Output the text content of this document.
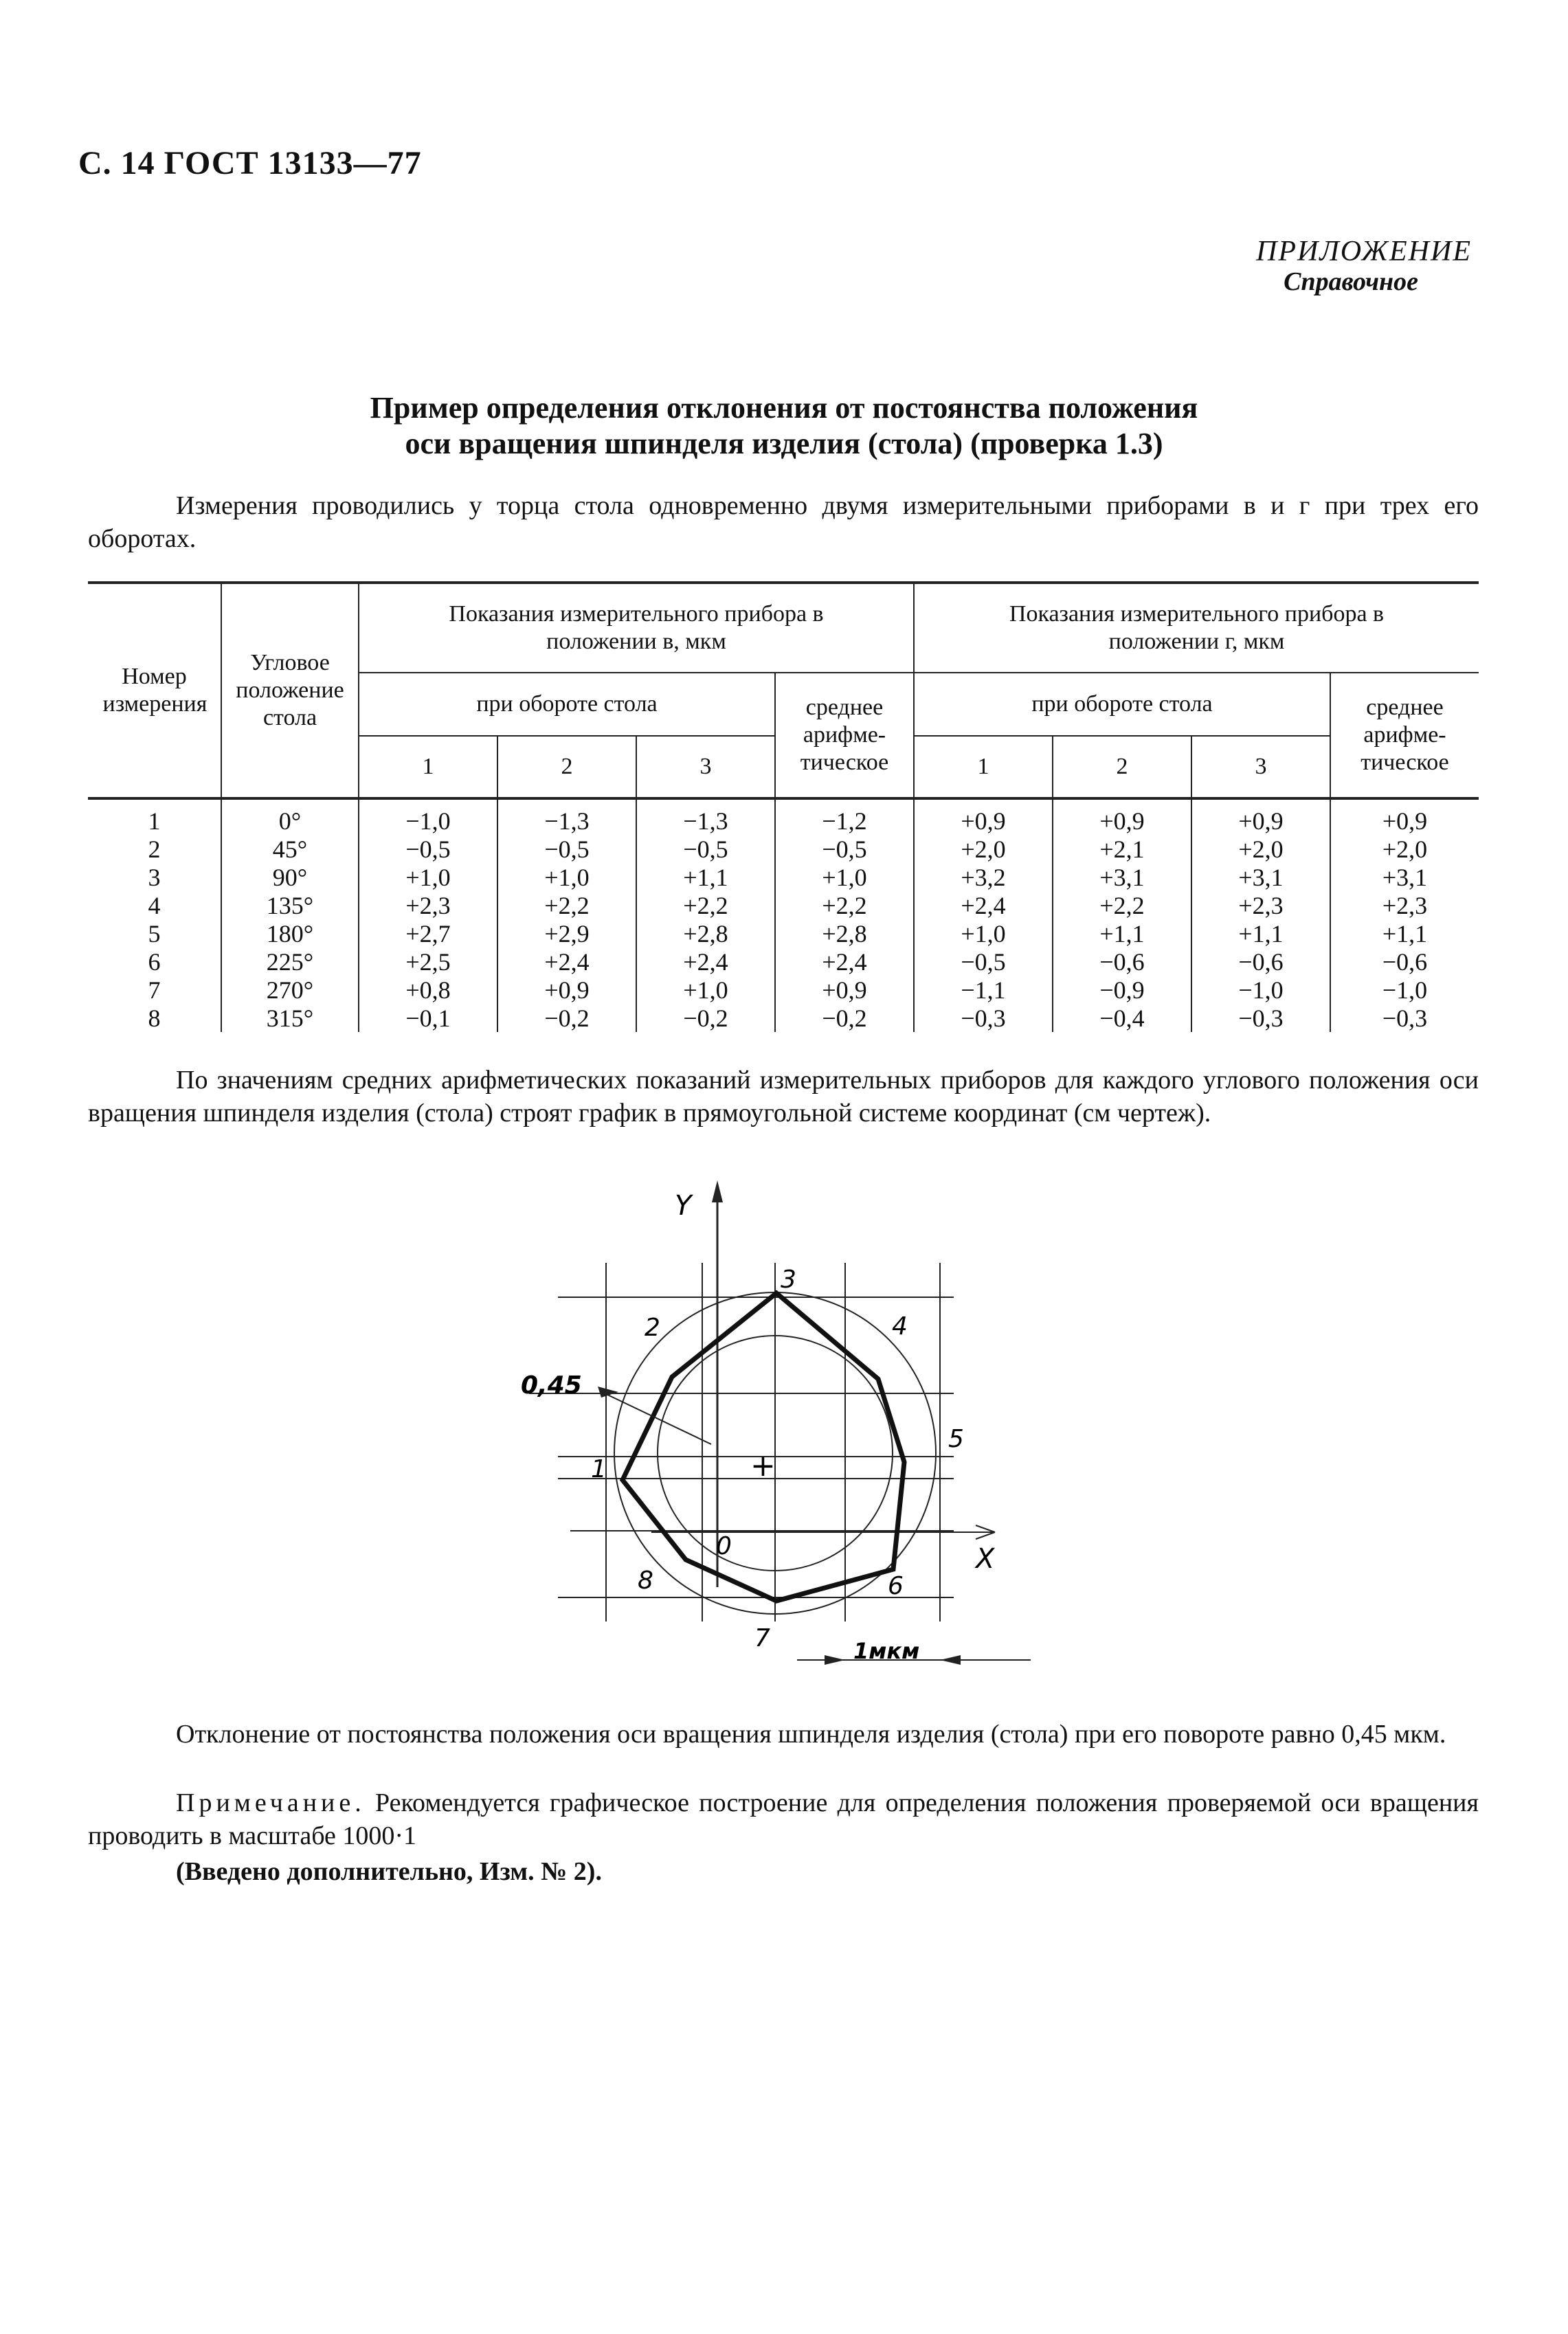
С. 14 ГОСТ 13133—77
ПРИЛОЖЕНИЕ
Справочное
Пример определения отклонения от постоянства положения
оси вращения шпинделя изделия (стола) (проверка 1.3)
Измерения проводились у торца стола одновременно двумя измерительными приборами в и г при трех его оборотах.
Номер измерения	Угловое положение стола	Показания измерительного прибора в положении в, мкм				Показания измерительного прибора в положении г, мкм			

		при обороте стола			среднее арифме-тическое	при обороте стола			среднее арифме-тическое

		1	2	3		1	2	3	
1	0°	−1,0	−1,3	−1,3	−1,2	+0,9	+0,9	+0,9	+0,9
2	45°	−0,5	−0,5	−0,5	−0,5	+2,0	+2,1	+2,0	+2,0
3	90°	+1,0	+1,0	+1,1	+1,0	+3,2	+3,1	+3,1	+3,1
4	135°	+2,3	+2,2	+2,2	+2,2	+2,4	+2,2	+2,3	+2,3
5	180°	+2,7	+2,9	+2,8	+2,8	+1,0	+1,1	+1,1	+1,1
6	225°	+2,5	+2,4	+2,4	+2,4	−0,5	−0,6	−0,6	−0,6
7	270°	+0,8	+0,9	+1,0	+0,9	−1,1	−0,9	−1,0	−1,0
8	315°	−0,1	−0,2	−0,2	−0,2	−0,3	−0,4	−0,3	−0,3
По значениям средних арифметических показаний измерительных приборов для каждого углового положения оси вращения шпинделя изделия (стола) строят график в прямоугольной системе координат (см чертеж).
Y
X
+
0,45
1мкм
1
2
3
4
5
6
7
8
0
Отклонение от постоянства положения оси вращения шпинделя изделия (стола) при его повороте равно 0,45 мкм.
Примечание. Рекомендуется графическое построение для определения положения проверяемой оси вращения проводить в масштабе 1000·1
(Введено дополнительно, Изм. № 2).
